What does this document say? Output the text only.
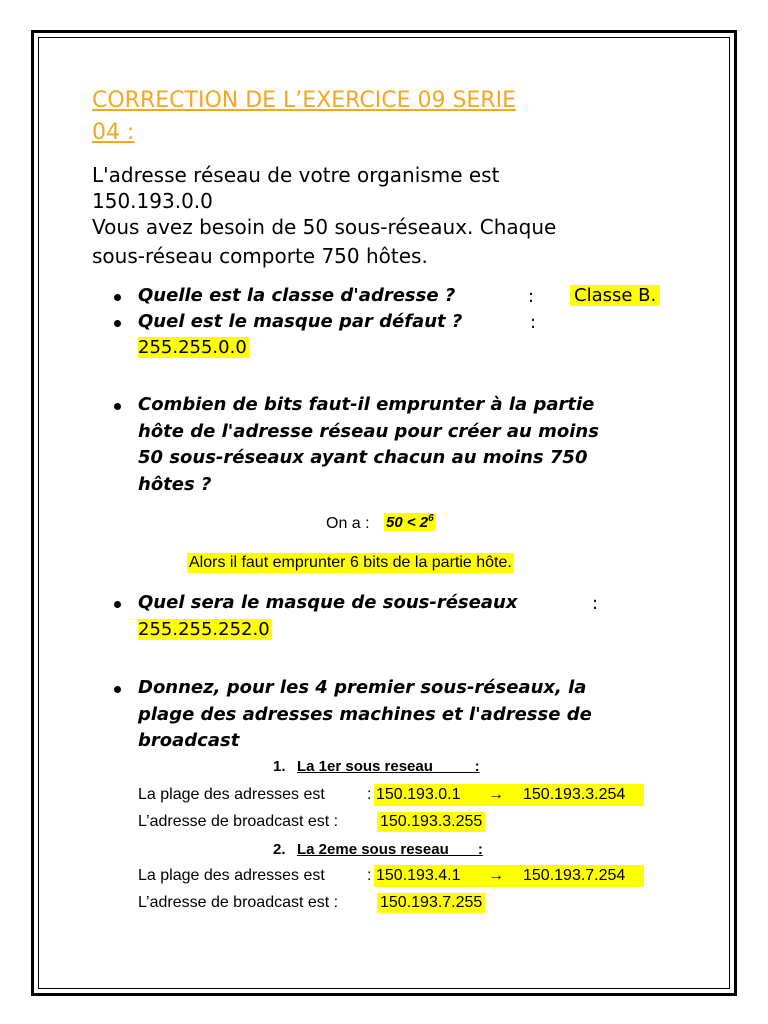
CORRECTION DE L’EXERCICE 09 SERIE
04 :
L'adresse réseau de votre organisme est
150.193.0.0
Vous avez besoin de 50 sous-réseaux. Chaque
sous-réseau comporte 750 hôtes.
Quelle est la classe d'adresse ?	: Classe B.
Quel est le masque par défaut ?	:
255.255.0.0
Combien de bits faut-il emprunter à la partie
hôte de l'adresse réseau pour créer au moins
50 sous-réseaux ayant chacun au moins 750
hôtes ?
On a : $50 < 2^6$
Alors il faut emprunter 6 bits de la partie hôte.
Quel sera le masque de sous-réseaux	:
255.255.252.0
Donnez, pour les 4 premier sous-réseaux, la
plage des adresses machines et l'adresse de
broadcast
1. La 1er sous reseau          :
La plage des adresses est	: 150.193.0.1 → 150.193.3.254
L’adresse de broadcast est :	150.193.3.255
2. La 2eme sous reseau       :
La plage des adresses est	: 150.193.4.1 → 150.193.7.254
L’adresse de broadcast est :	150.193.7.255
